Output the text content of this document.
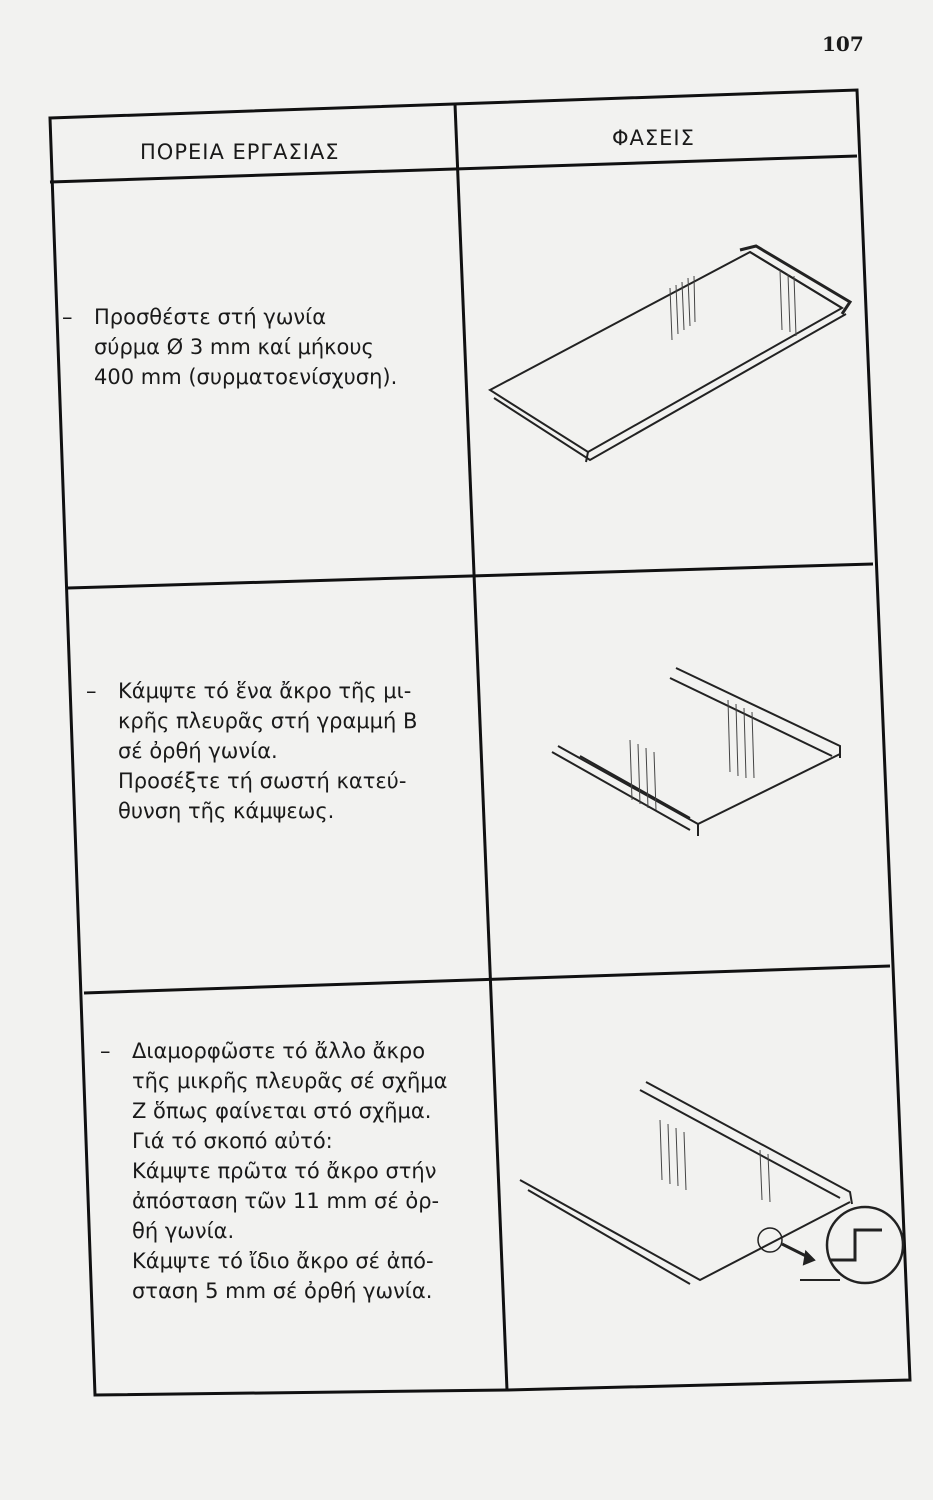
107
ΠΟΡΕΙΑ ΕΡΓΑΣΙΑΣ
ΦΑΣΕΙΣ
– Προσθέστε στή γωνία

σύρμα Ø 3 mm καί μήκους

400 mm (συρματοενίσχυση).

– Κάμψτε τό ἕνα ἄκρο τῆς μι-

κρῆς πλευρᾶς στή γραμμή Β

σέ ὀρθή γωνία.

Προσέξτε τή σωστή κατεύ-

θυνση τῆς κάμψεως.

– Διαμορφῶστε τό ἄλλο ἄκρο

τῆς μικρῆς πλευρᾶς σέ σχῆμα

Ζ ὅπως φαίνεται στό σχῆμα.

Γιά τό σκοπό αὐτό:

Κάμψτε πρῶτα τό ἄκρο στήν

ἀπόσταση τῶν 11 mm σέ ὀρ-

θή γωνία.

Κάμψτε τό ἴδιο ἄκρο σέ ἀπό-

σταση 5 mm σέ ὀρθή γωνία.
